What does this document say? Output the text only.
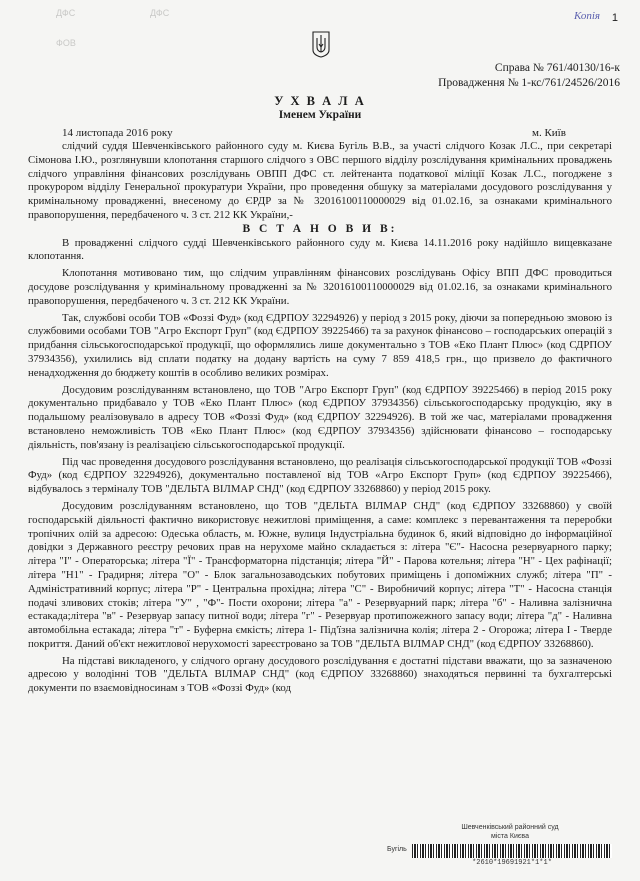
ДФС	ДФС
ФОВ
Копія 1
Справа № 761/40130/16-к
Провадження № 1-кс/761/24526/2016
У Х В А Л А
Іменем України
14 листопада 2016 року	м. Київ

слідчий суддя Шевченківського районного суду м. Києва Бугіль В.В., за участі слідчого Козак Л.С., при секретарі Сімонова І.Ю., розглянувши клопотання старшого слідчого з ОВС першого відділу розслідування кримінальних проваджень слідчого управління фінансових розслідувань ОВПП ДФС ст. лейтенанта податкової міліції Козак Л.С., погоджене з прокурором відділу Генеральної прокуратури України, про проведення обшуку за матеріалами досудового розслідування у кримінальному провадженні, внесеному до ЄРДР за № 32016100110000029 від 01.02.16, за ознаками кримінального правопорушення, передбаченого ч. 3 ст. 212 КК України,-

В С Т А Н О В И В:

В провадженні слідчого судді Шевченківського районного суду м. Києва 14.11.2016 року надійшло вищевказане клопотання.

Клопотання мотивовано тим, що слідчим управлінням фінансових розслідувань Офісу ВПП ДФС проводиться досудове розслідування у кримінальному провадженні за № 32016100110000029 від 01.02.16, за ознаками кримінального правопорушення, передбаченого ч. 3 ст. 212 КК України.

Так, службові особи ТОВ «Фоззі Фуд» (код ЄДРПОУ 32294926) у період з 2015 року, діючи за попередньою змовою із службовими особами ТОВ "Агро Експорт Груп" (код ЄДРПОУ 39225466) та за рахунок фінансово – господарських операцій з придбання сільськогосподарської продукції, що оформлялись лише документально з ТОВ «Еко Плант Плюс» (код СДРПОУ 37934356), ухилились від сплати податку на додану вартість на суму 7 859 418,5 грн., що призвело до фактичного ненадходження до бюджету коштів в особливо великих розмірах.

Досудовим розслідуванням встановлено, що ТОВ "Агро Експорт Груп" (код ЄДРПОУ 39225466) в період 2015 року документально придбавало у ТОВ «Еко Плант Плюс» (код ЄДРПОУ 37934356) сільськогосподарську продукцію, яку в подальшому реалізовувало в адресу ТОВ «Фоззі Фуд» (код ЄДРПОУ 32294926). В той же час, матеріалами провадження встановлено неможливість ТОВ «Еко Плант Плюс» (код ЄДРПОУ 37934356) здійснювати фінансово – господарську діяльність, пов'язану із реалізацією сільськогосподарської продукції.

Під час проведення досудового розслідування встановлено, що реалізація сільськогосподарської продукції ТОВ «Фоззі Фуд» (код ЄДРПОУ 32294926), документально поставленої від ТОВ «Агро Експорт Груп» (код ЄДРПОУ 39225466), відбувалось з терміналу ТОВ "ДЕЛЬТА ВІЛМАР СНД" (код ЄДРПОУ 33268860) у період 2015 року.

Досудовим розслідуванням встановлено, що ТОВ "ДЕЛЬТА ВІЛМАР СНД" (код ЄДРПОУ 33268860) у своїй господарській діяльності фактично використовує нежитлові приміщення, а саме: комплекс з перевантаження та переробки тропічних олій за адресою: Одеська область, м. Южне, вулиця Індустріальна будинок 6, який відповідно до інформаційної довідки з Державного реєстру речових прав на нерухоме майно складається з: літера "Є"- Насосна резервуарного парку; літера "І" - Операторська; літера "Ї" - Трансформаторна підстанція; літера "Й" - Парова котельня; літера "Н" - Цех рафінації; літера "Н1" - Градирня; літера "О" - Блок загальнозаводських побутових приміщень і допоміжних служб; літера "П" - Адміністративний корпус; літера "Р" - Центральна прохідна; літера "С" - Виробничий корпус; літера "Т" - Насосна станція подачі зливових стоків; літера "У" , "Ф"- Пости охорони; літера "а" - Резервуарний парк; літера "б" - Наливна залізнична естакада;літера "в" - Резервуар запасу питної води; літера "г" - Резервуар протипожежного запасу води; літера "д" - Наливна автомобільна естакада; літера "т" - Буферна ємкість; літера 1- Під'їзна залізнична колія; літера 2 - Огорожа; літера І - Тверде покриття. Даний об'єкт нежитлової нерухомості зареєстровано за ТОВ "ДЕЛЬТА ВІЛМАР СНД" (код ЄДРПОУ 33268860).

На підставі викладеного, у слідчого органу досудового розслідування є достатні підстави вважати, що за зазначеною адресою у володінні ТОВ "ДЕЛЬТА ВІЛМАР СНД" (код ЄДРПОУ 33268860) знаходяться первинні та бухгалтерські документи по взаємовідносинам з ТОВ «Фоззі Фуд» (код

Шевченківський районний суд
міста Києва
Бугіль
*2610*19691921*1*1*
